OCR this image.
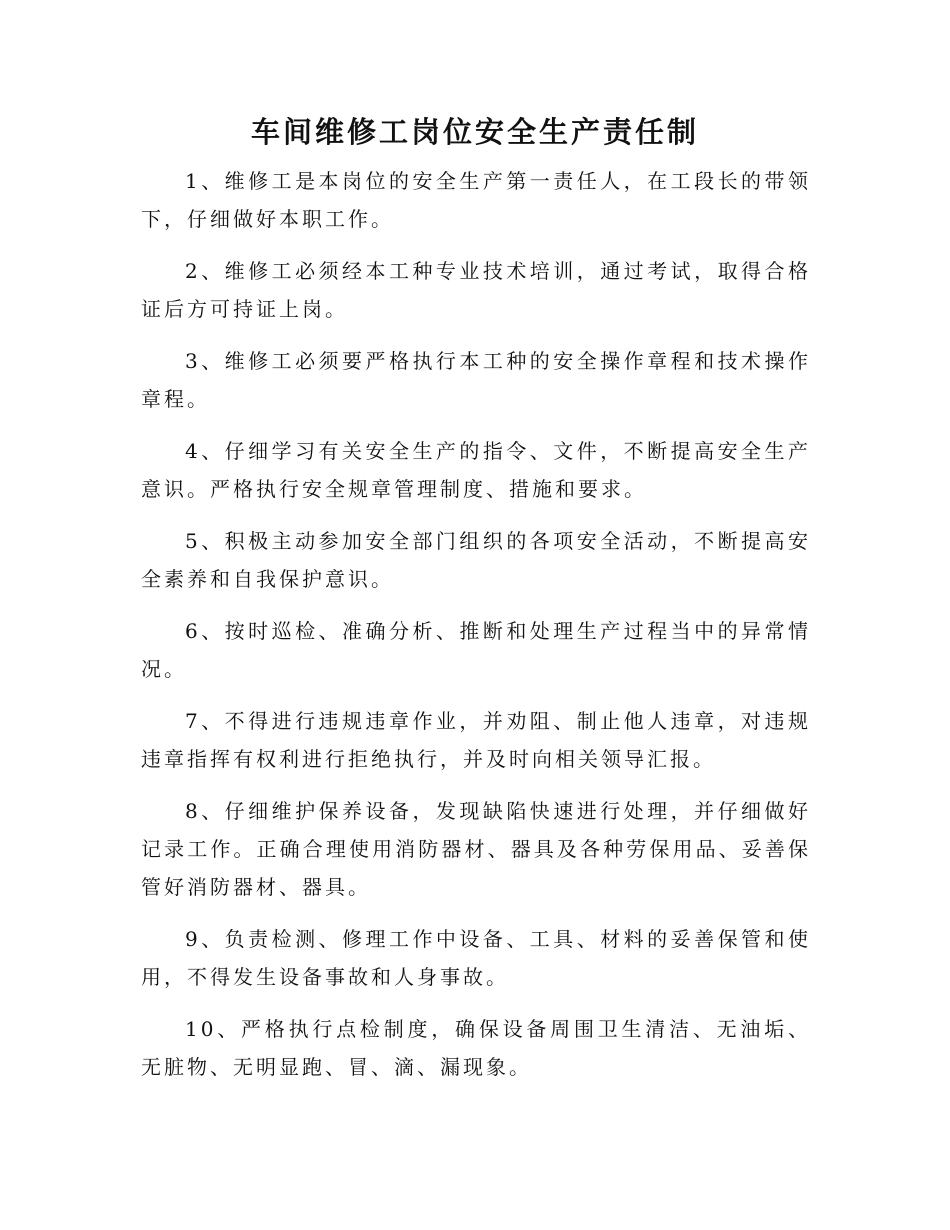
车间维修工岗位安全生产责任制

1、维修工是本岗位的安全生产第一责任人，在工段长的带领下，仔细做好本职工作。

2、维修工必须经本工种专业技术培训，通过考试，取得合格证后方可持证上岗。

3、维修工必须要严格执行本工种的安全操作章程和技术操作章程。

4、仔细学习有关安全生产的指令、文件，不断提高安全生产意识。严格执行安全规章管理制度、措施和要求。

5、积极主动参加安全部门组织的各项安全活动，不断提高安全素养和自我保护意识。

6、按时巡检、准确分析、推断和处理生产过程当中的异常情况。

7、不得进行违规违章作业，并劝阻、制止他人违章，对违规违章指挥有权利进行拒绝执行，并及时向相关领导汇报。

8、仔细维护保养设备，发现缺陷快速进行处理，并仔细做好记录工作。正确合理使用消防器材、器具及各种劳保用品、妥善保管好消防器材、器具。

9、负责检测、修理工作中设备、工具、材料的妥善保管和使用，不得发生设备事故和人身事故。

10、严格执行点检制度，确保设备周围卫生清洁、无油垢、无脏物、无明显跑、冒、滴、漏现象。
